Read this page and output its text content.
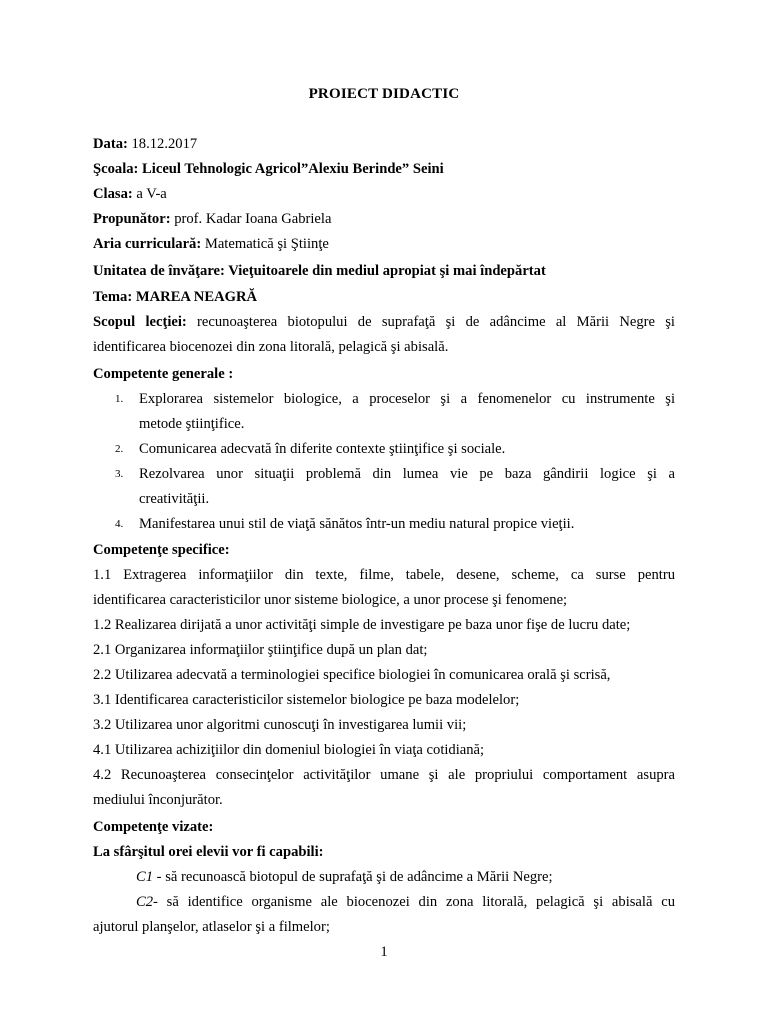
PROIECT DIDACTIC
Data: 18.12.2017
Şcoala: Liceul Tehnologic Agricol”Alexiu Berinde” Seini
Clasa: a V-a
Propunător: prof. Kadar Ioana Gabriela
Aria curriculară: Matematică şi Ştiinţe
Unitatea de învăţare: Vieţuitoarele din mediul apropiat şi mai îndepărtat
Tema: MAREA NEAGRĂ
Scopul lecţiei: recunoaşterea biotopului de suprafaţă şi de adâncime al Mării Negre şi
identificarea biocenozei din zona litorală, pelagică şi abisală.
Competente generale :
1. Explorarea sistemelor biologice, a proceselor şi a fenomenelor cu instrumente şi
metode ştiinţifice.
2. Comunicarea adecvată în diferite contexte ştiinţifice şi sociale.
3. Rezolvarea unor situaţii problemă din lumea vie pe baza gândirii logice şi a
creativităţii.
4. Manifestarea unui stil de viaţă sănătos într-un mediu natural propice vieţii.
Competenţe specifice:
1.1 Extragerea informaţiilor din texte, filme, tabele, desene, scheme, ca surse pentru
identificarea caracteristicilor unor sisteme biologice, a unor procese şi fenomene;
1.2 Realizarea dirijată a unor activităţi simple de investigare pe baza unor fişe de lucru date;
2.1 Organizarea informaţiilor ştiinţifice după un plan dat;
2.2 Utilizarea adecvată a terminologiei specifice biologiei în comunicarea orală şi scrisă,
3.1 Identificarea caracteristicilor sistemelor biologice pe baza modelelor;
3.2 Utilizarea unor algoritmi cunoscuţi în investigarea lumii vii;
4.1 Utilizarea achiziţiilor din domeniul biologiei în viaţa cotidiană;
4.2 Recunoaşterea consecinţelor activităţilor umane şi ale propriului comportament asupra
mediului înconjurător.
Competenţe vizate:
La sfârşitul orei elevii vor fi capabili:
C1 - să recunoască biotopul de suprafaţă şi de adâncime a Mării Negre;
C2- să identifice organisme ale biocenozei din zona litorală, pelagică şi abisală cu
ajutorul planşelor, atlaselor şi a filmelor;
1
